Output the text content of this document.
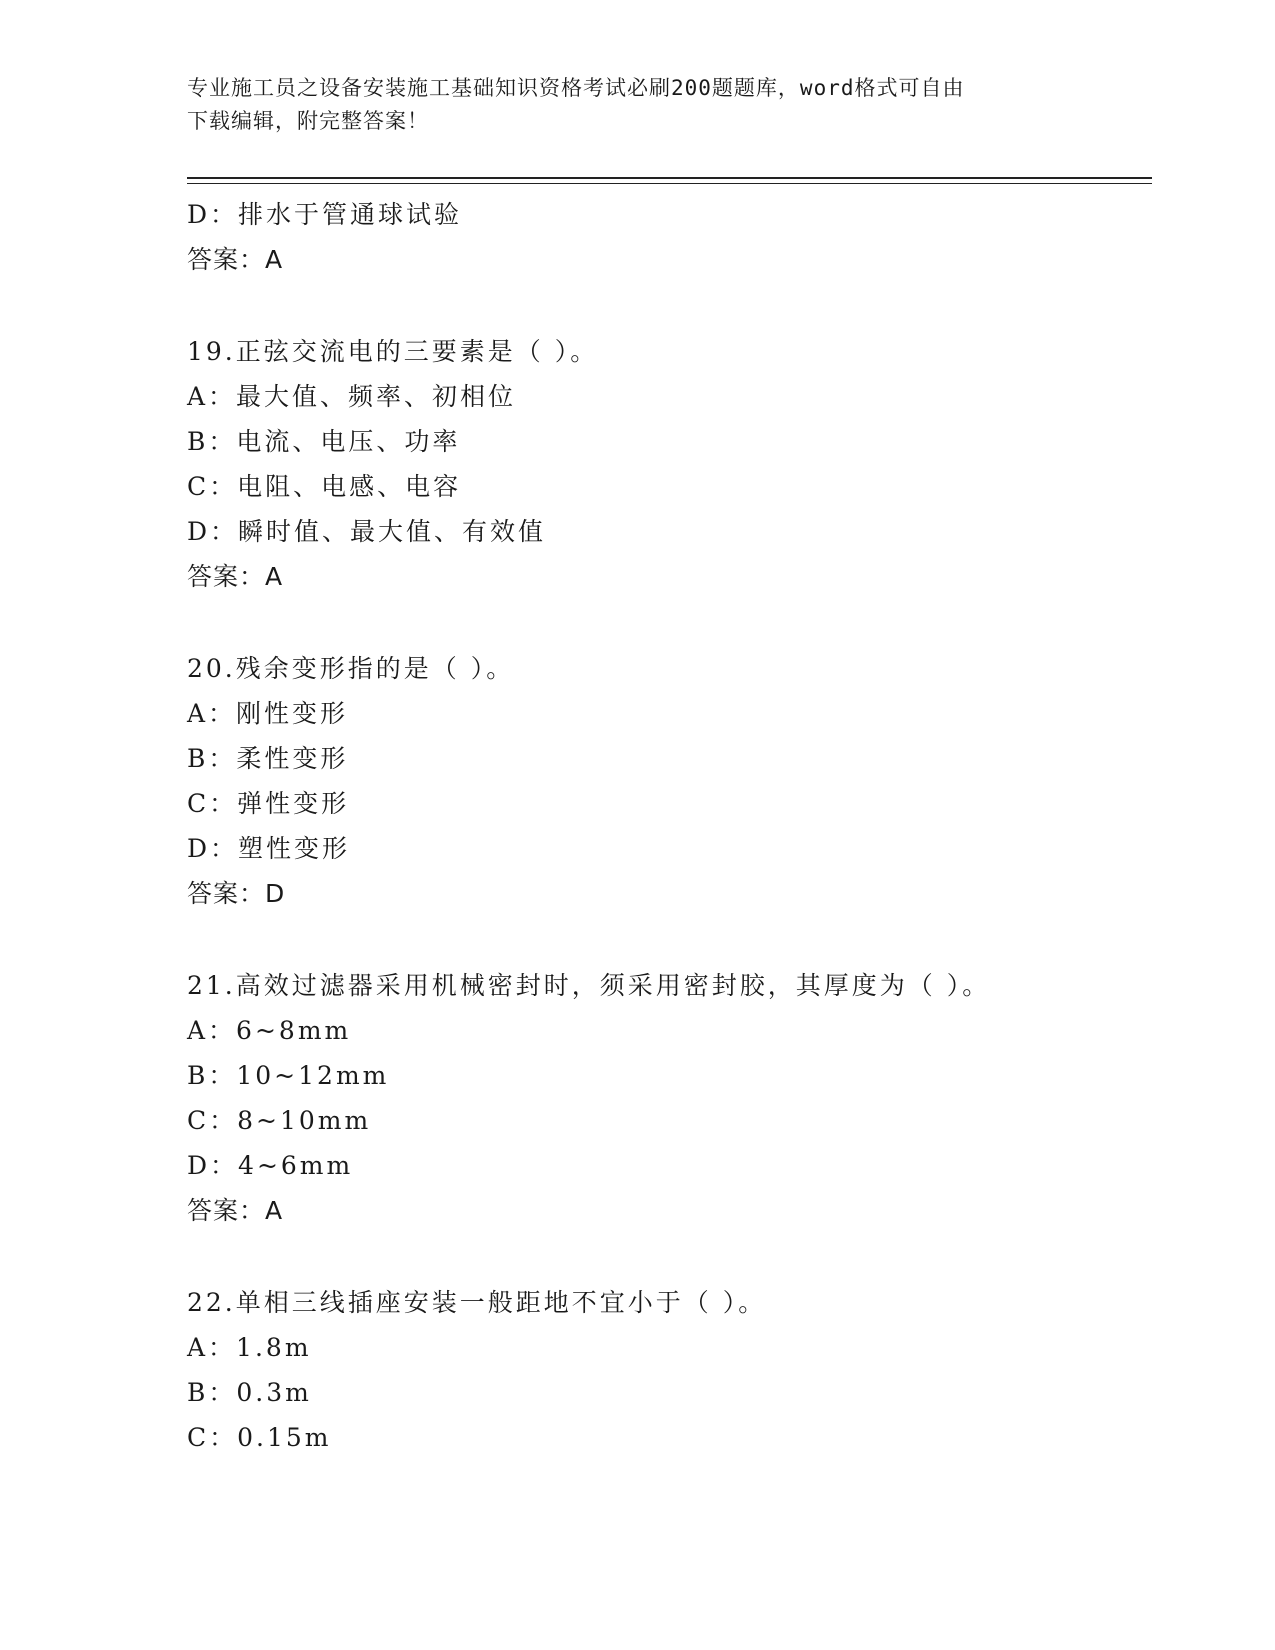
专业施工员之设备安装施工基础知识资格考试必刷200题题库，word格式可自由
下载编辑，附完整答案！
D：排水于管通球试验
答案：A
19.正弦交流电的三要素是（ ）。
A：最大值、频率、初相位
B：电流、电压、功率
C：电阻、电感、电容
D：瞬时值、最大值、有效值
答案：A
20.残余变形指的是（ ）。
A：刚性变形
B：柔性变形
C：弹性变形
D：塑性变形
答案：D
21.高效过滤器采用机械密封时，须采用密封胶，其厚度为（ ）。
A：6~8mm
B：10~12mm
C：8~10mm
D：4~6mm
答案：A
22.单相三线插座安装一般距地不宜小于（ ）。
A：1.8m
B：0.3m
C：0.15m
